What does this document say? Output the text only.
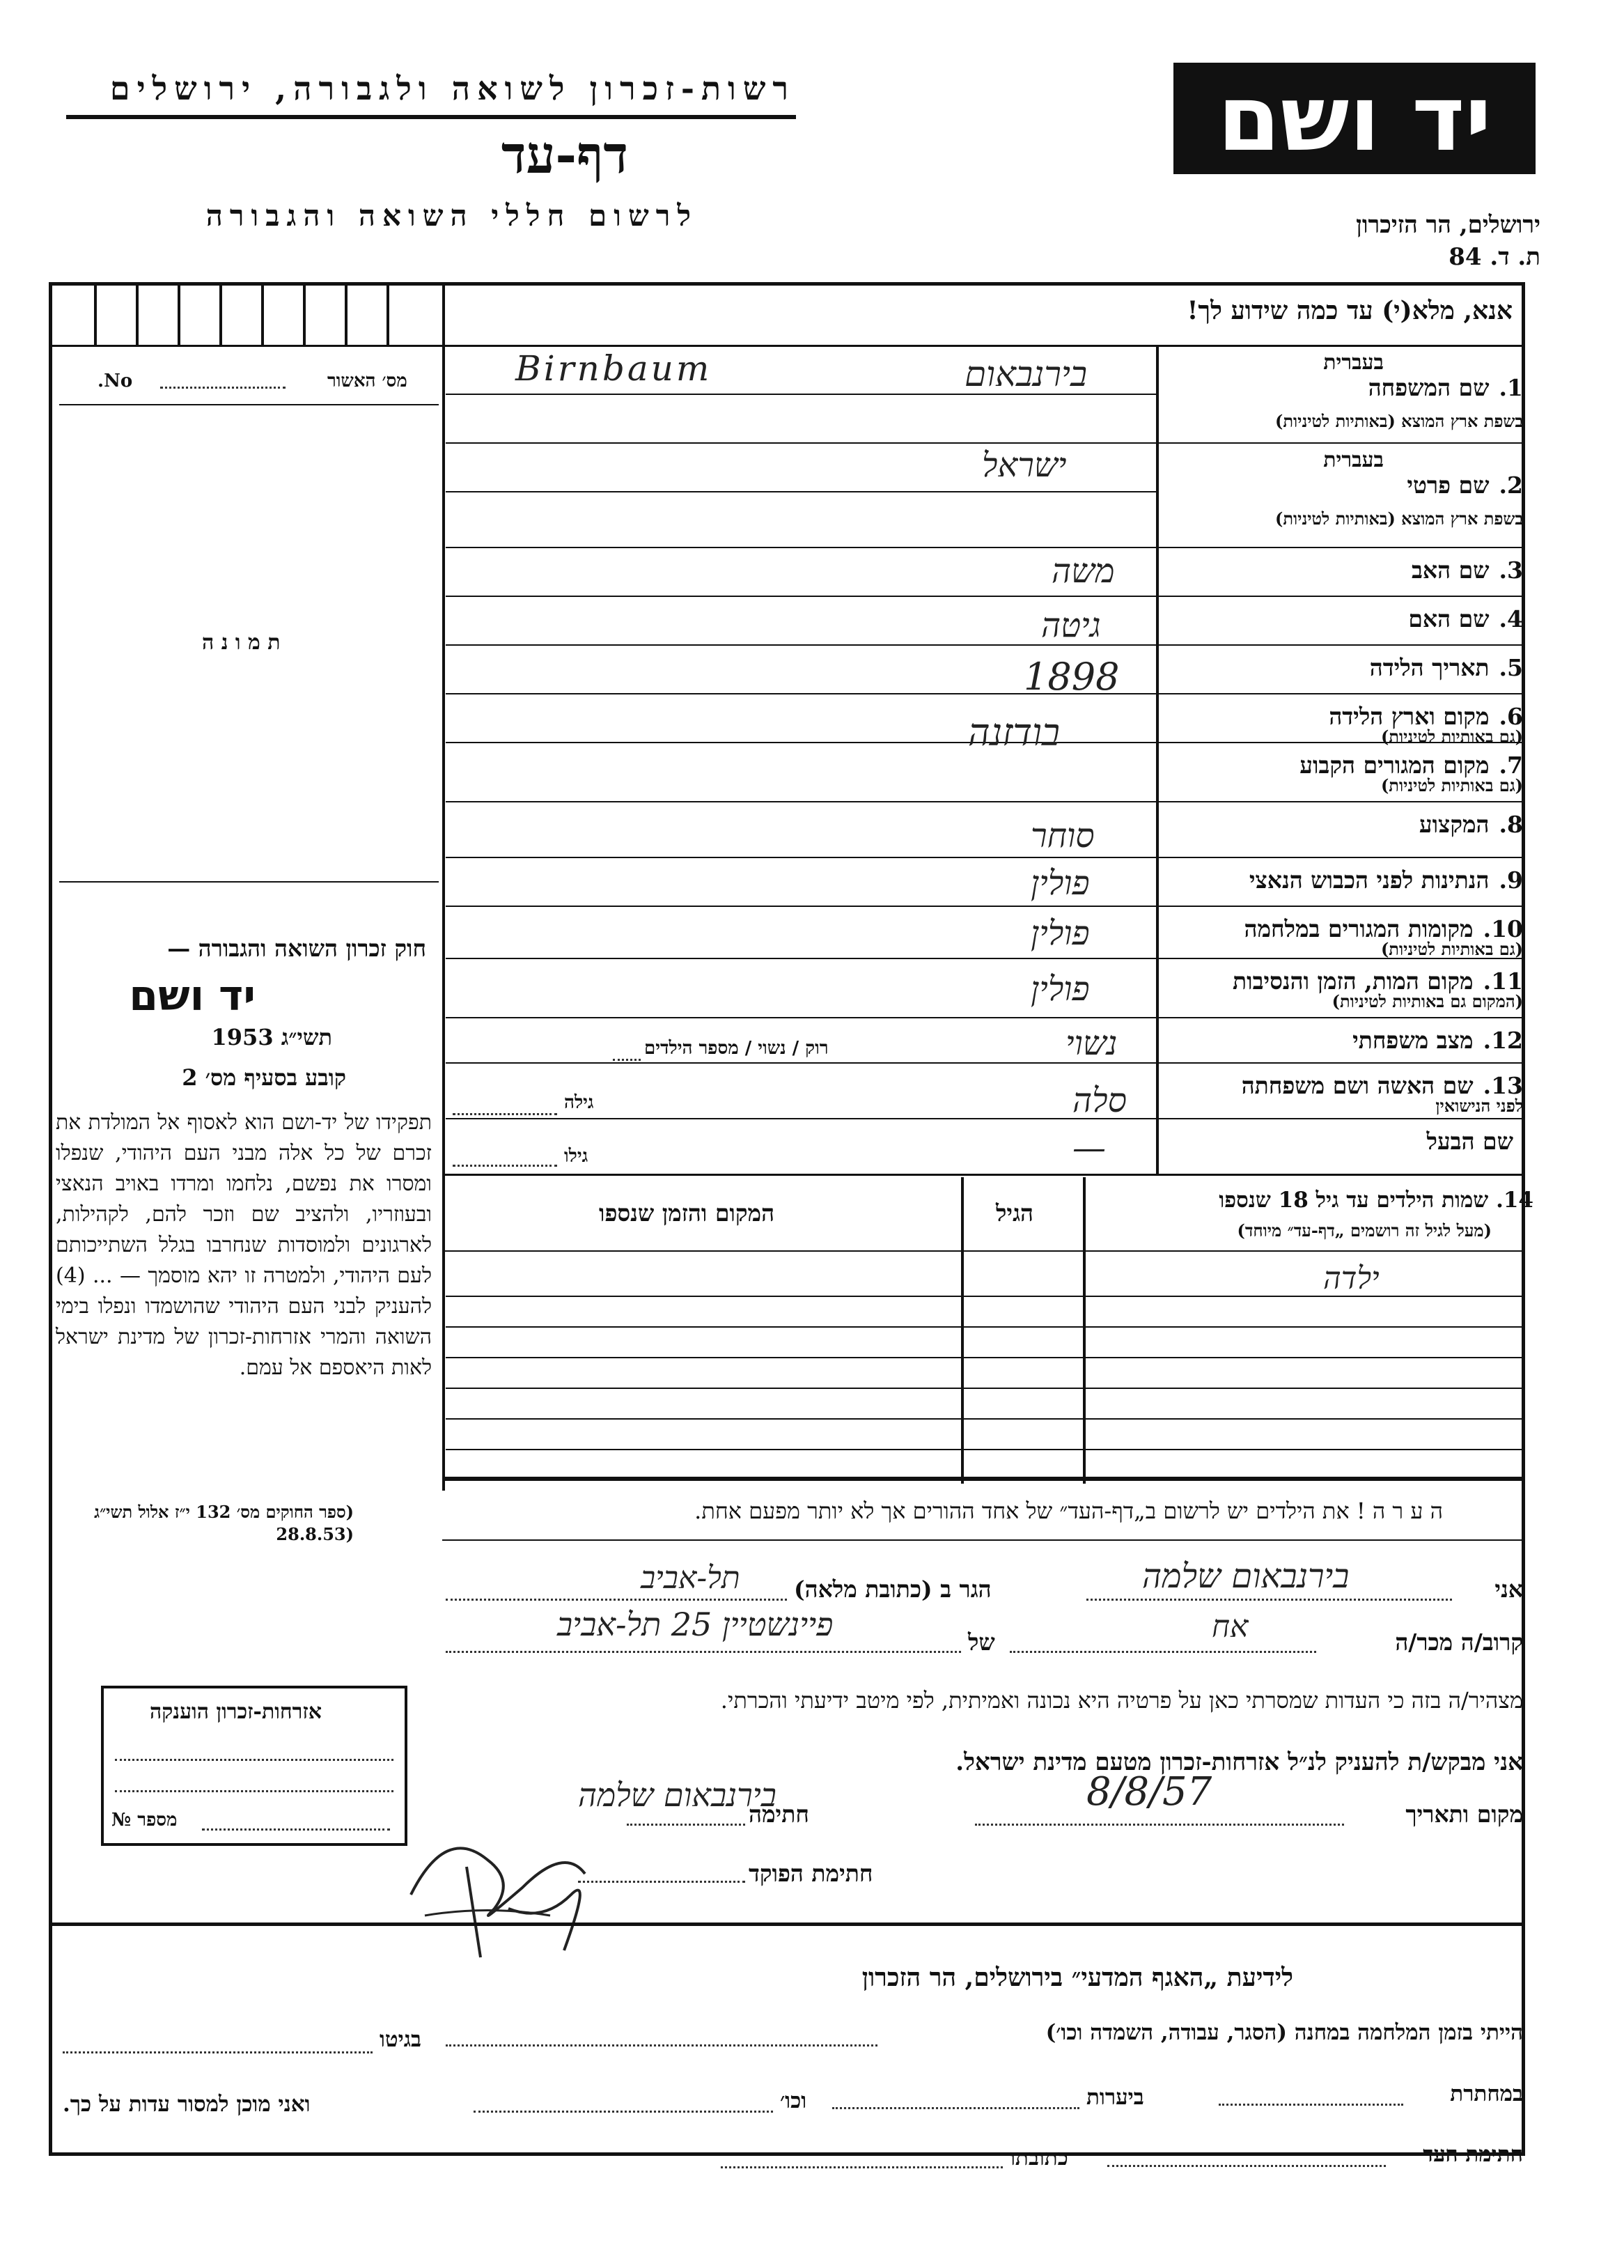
רשות-זכרון לשואה ולגבורה, ירושלים
דף-עד
לרשום חללי השואה והגבורה
יד ושם
ירושלים, הר הזיכרון
ת. ד. 84
אנא, מלא(י) עד כמה שידוע לך!
No.	מס׳ האשור
ת מ ו נ ה
חוק זכרון השואה והגבורה —
יד ושם
תשי״ג 1953
קובע בסעיף מס׳ 2
תפקידו של יד-ושם הוא לאסוף אל המולדת את זכרם של כל אלה מבני העם היהודי, שנפלו ומסרו את נפשם, נלחמו ומרדו באויב הנאצי ובעוזריו, ולהציב שם וזכר להם, לקהילות, לארגונים ולמוסדות שנחרבו בגלל השתייכותם לעם היהודי, ולמטרה זו יהא מוסמך — ... (4) להעניק לבני העם היהודי שהושמדו ונפלו בימי השואה והמרי אזרחות-זכרון של מדינת ישראל לאות היאספם אל עמם.
(ספר החוקים מס׳ 132 י״ז אלול תשי״ג (28.8.53
1.שם המשפחה
בעברית
בשפת ארץ המוצא (באותיות לטיניות)
2.שם פרטי
בעברית
בשפת ארץ המוצא (באותיות לטיניות)
3.שם האב
4.שם האם
5.תאריך הלידה
6.מקום וארץ הלידה
(גם באותיות לטיניות)
7.מקום המגורים הקבוע
(גם באותיות לטיניות)
8.המקצוע
9.הנתינות לפני הכבוש הנאצי
10.מקומות המגורים במלחמה
(גם באותיות לטיניות)
11.מקום המות, הזמן והנסיבות
(המקום גם באותיות לטיניות)
12.מצב משפחתי
13.שם האשה ושם משפחתה
לפני הנישואין
שם הבעל
Birnbaum	בירנבאום
ישראל
משה
גיטה
1898
בודזנה
סוחר
פולין
פולין
פולין
נשוי
סלה
—
רוק / נשוי / מספר הילדים
גילה
גילו
14. שמות הילדים עד גיל 18 שנספו
(מעל לגיל זה רושמים „דף-עד״ מיוחד)
הגיל
המקום והזמן שנספו
ילדה
ה ע ר ה ! את הילדים יש לרשום ב„דף-העד״ של אחד ההורים אך לא יותר מפעם אחת.
אני
בירנבאום שלמה
הגר ב (כתובת מלאה)
תל-אביב
קרוב/ה מכר/ה
אח
של
פיינשטיין 25 תל-אביב
מצהיר/ה בזה כי העדות שמסרתי כאן על פרטיה היא נכונה ואמיתית, לפי מיטב ידיעתי והכרתי.
אני מבקש/ת להעניק לנ״ל אזרחות-זכרון מטעם מדינת ישראל.
מקום ותאריך
8/8/57
חתימה
בירנבאום שלמה
חתימת הפוקד
אזרחות-זכרון הוענקה
מספר №
לידיעת „האגף המדעי״ בירושלים, הר הזכרון
הייתי בזמן המלחמה במחנה (הסגר, עבודה, השמדה וכו׳)
בגיטו
במחתרת
ביערות
וכו׳
ואני מוכן למסור עדות על כך.
חתימת העד
כתובתו
